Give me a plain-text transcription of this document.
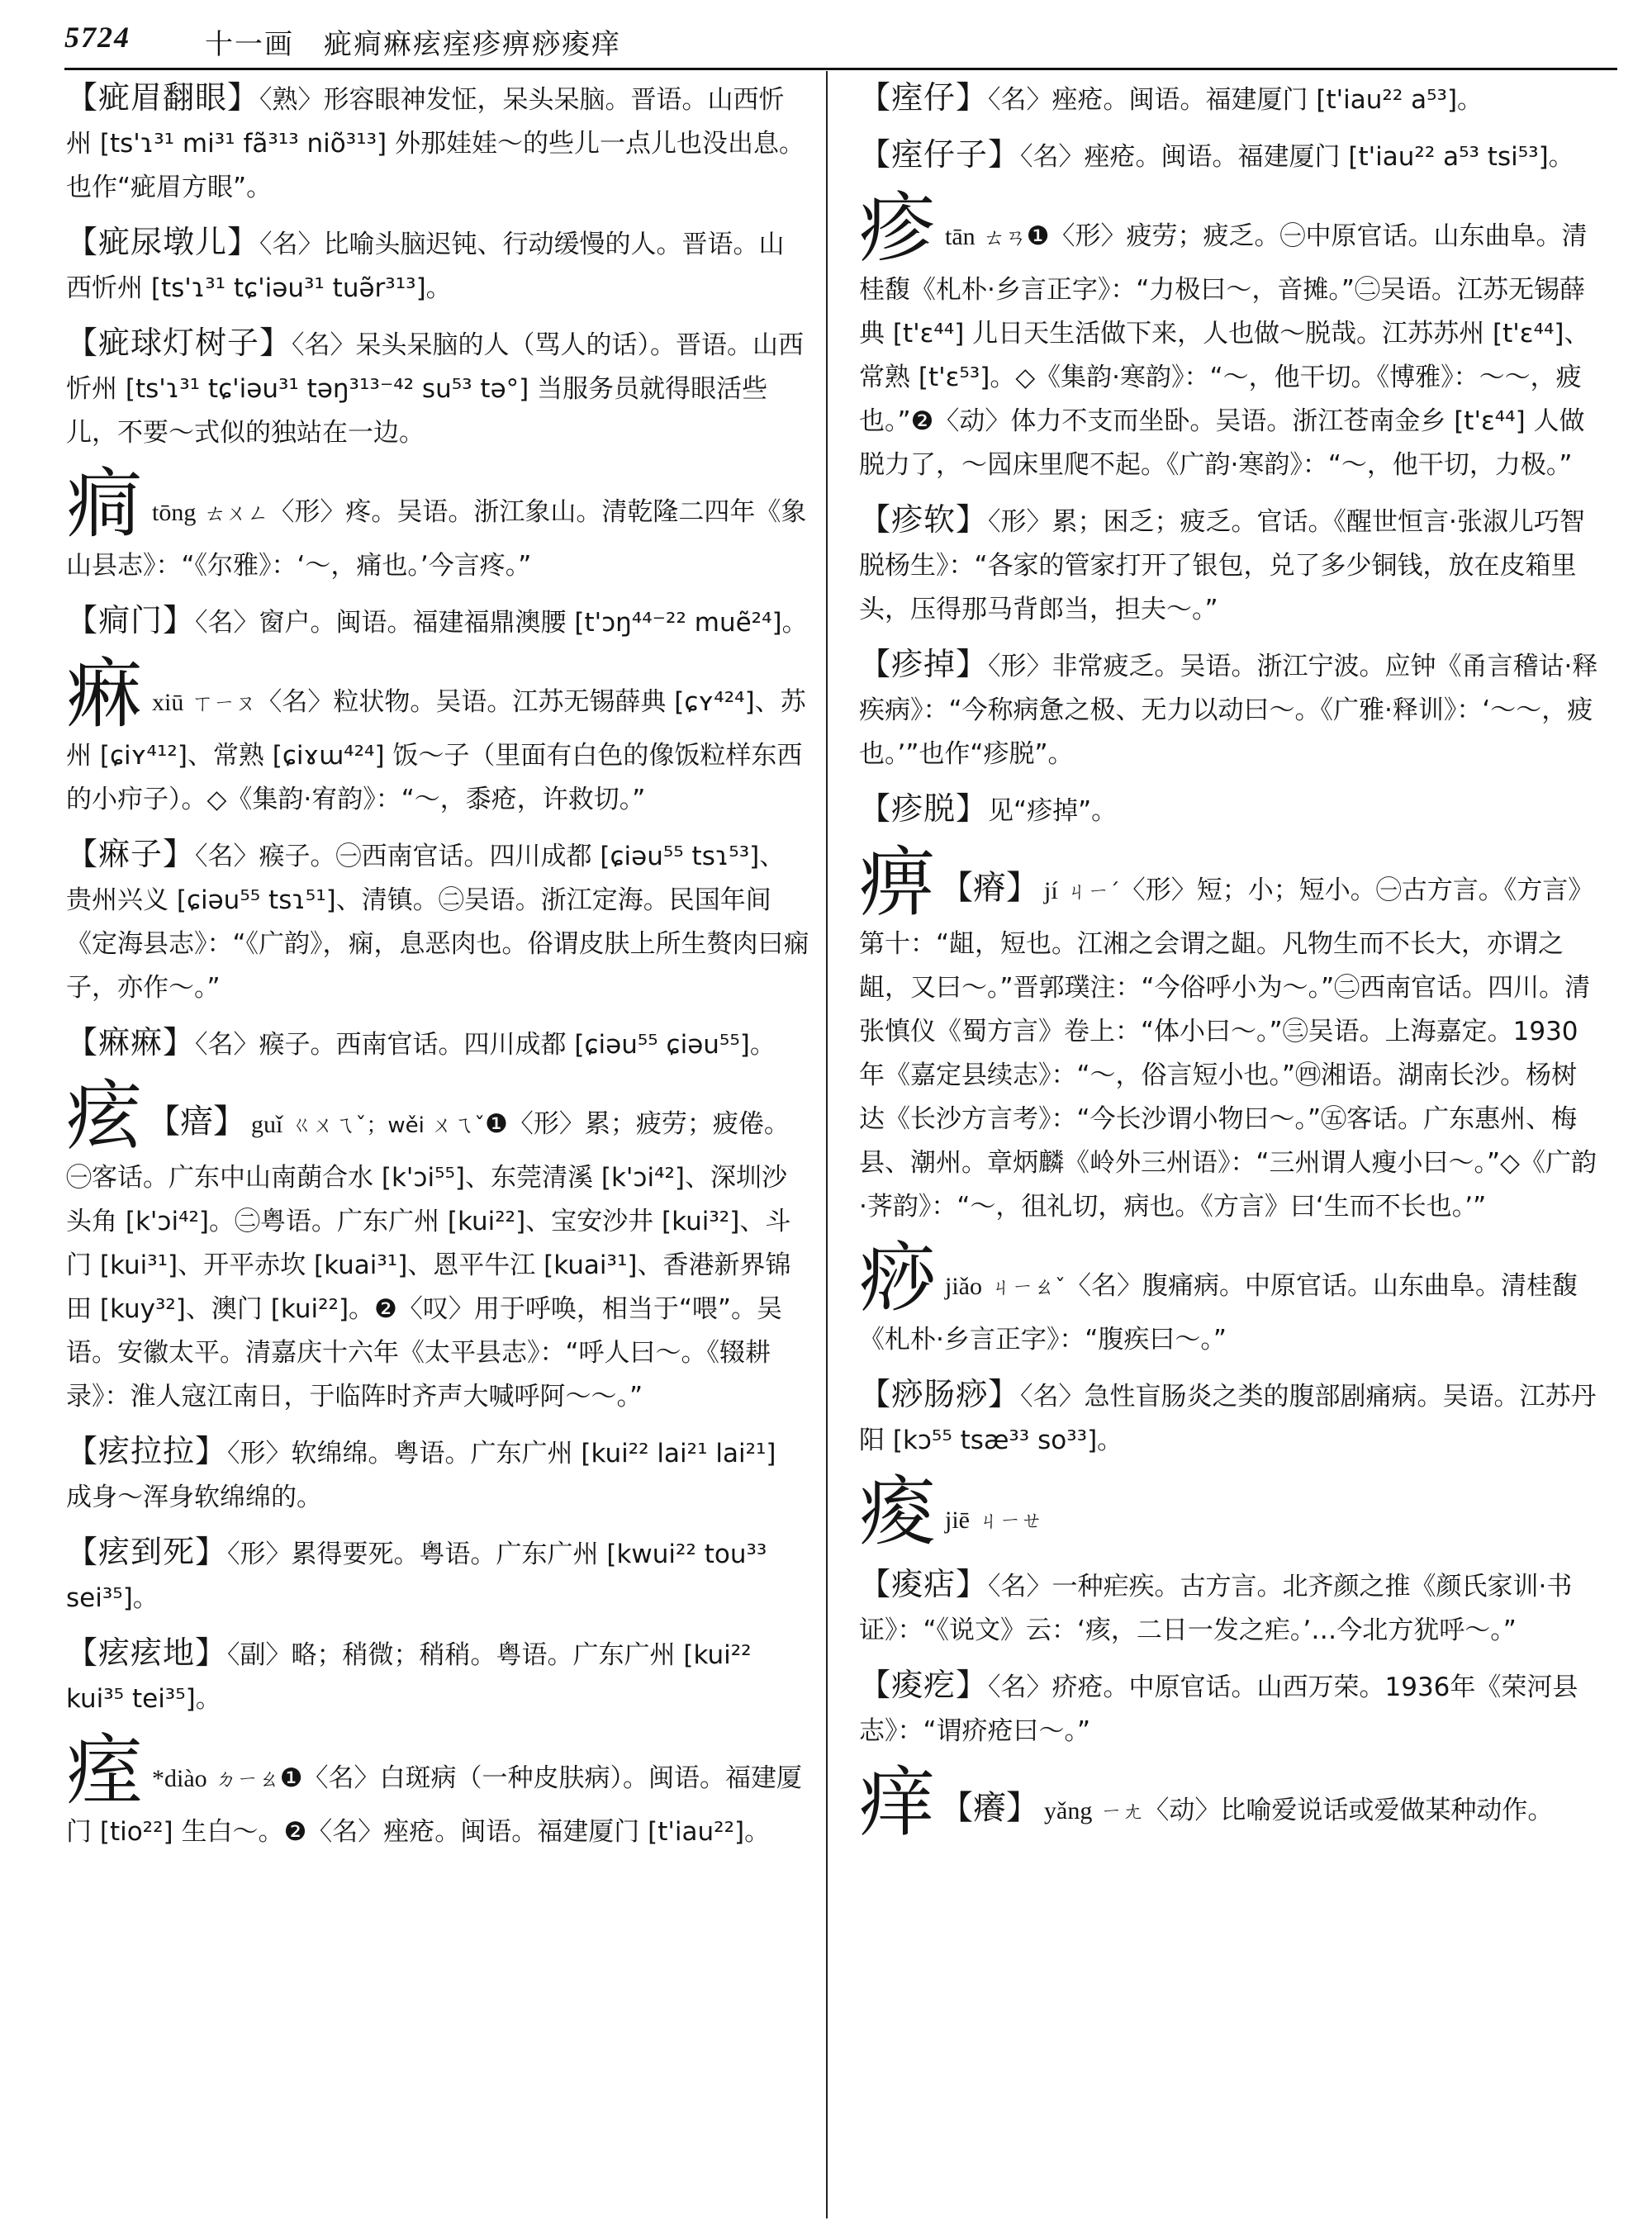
5724	十一画　疵痌痳痃痓疹痹痧痠痒
【疵眉翻眼】〈熟〉形容眼神发怔，呆头呆脑。晋语。山西忻州 [ts'ɿ³¹ mi³¹ fã³¹³ niõ³¹³] 外那娃娃～的些儿一点儿也没出息。也作“疵眉方眼”。
【疵尿墩儿】〈名〉比喻头脑迟钝、行动缓慢的人。晋语。山西忻州 [ts'ɿ³¹ tɕ'iəu³¹ tuə̃r³¹³]。
【疵球灯树子】〈名〉呆头呆脑的人（骂人的话）。晋语。山西忻州 [ts'ɿ³¹ tɕ'iəu³¹ təŋ³¹³⁻⁴² su⁵³ tə°] 当服务员就得眼活些儿，不要～式似的独站在一边。
痌tōng ㄊㄨㄥ〈形〉疼。吴语。浙江象山。清乾隆二四年《象山县志》：“《尔雅》：‘～，痛也。’今言疼。”
【痌门】〈名〉窗户。闽语。福建福鼎澳腰 [t'ɔŋ⁴⁴⁻²² muẽ²⁴]。
痳xiū ㄒㄧㄡ〈名〉粒状物。吴语。江苏无锡薛典 [ɕʏ⁴²⁴]、苏州 [ɕiʏ⁴¹²]、常熟 [ɕiɤɯ⁴²⁴] 饭～子（里面有白色的像饭粒样东西的小疖子）。◇《集韵·宥韵》：“～，黍疮，许救切。”
【痳子】〈名〉瘊子。㊀西南官话。四川成都 [ɕiəu⁵⁵ tsɿ⁵³]、贵州兴义 [ɕiəu⁵⁵ tsɿ⁵¹]、清镇。㊁吴语。浙江定海。民国年间《定海县志》：“《广韵》，痫，息恶肉也。俗谓皮肤上所生赘肉曰痫子，亦作～。”
【痳痳】〈名〉瘊子。西南官话。四川成都 [ɕiəu⁵⁵ ɕiəu⁵⁵]。
痃 【瘖】 guǐ ㄍㄨㄟˇ；wěi ㄨㄟˇ❶〈形〉累；疲劳；疲倦。㊀客话。广东中山南蓢合水 [k'ɔi⁵⁵]、东莞清溪 [k'ɔi⁴²]、深圳沙头角 [k'ɔi⁴²]。㊁粤语。广东广州 [kui²²]、宝安沙井 [kui³²]、斗门 [kui³¹]、开平赤坎 [kuai³¹]、恩平牛江 [kuai³¹]、香港新界锦田 [kuy³²]、澳门 [kui²²]。❷〈叹〉用于呼唤，相当于“喂”。吴语。安徽太平。清嘉庆十六年《太平县志》：“呼人曰～。《辍耕录》：淮人寇江南日，于临阵时齐声大喊呼阿～～。”
【痃拉拉】〈形〉软绵绵。粤语。广东广州 [kui²² lai²¹ lai²¹] 成身～浑身软绵绵的。
【痃到死】〈形〉累得要死。粤语。广东广州 [kwui²² tou³³ sei³⁵]。
【痃痃地】〈副〉略；稍微；稍稍。粤语。广东广州 [kui²² kui³⁵ tei³⁵]。
痓 *diào ㄉㄧㄠ❶〈名〉白斑病（一种皮肤病）。闽语。福建厦门 [tio²²] 生白～。❷〈名〉痤疮。闽语。福建厦门 [t'iau²²]。
【痓仔】〈名〉痤疮。闽语。福建厦门 [t'iau²² a⁵³]。
【痓仔子】〈名〉痤疮。闽语。福建厦门 [t'iau²² a⁵³ tsi⁵³]。
疹tān ㄊㄢ❶〈形〉疲劳；疲乏。㊀中原官话。山东曲阜。清桂馥《札朴·乡言正字》：“力极曰～，音摊。”㊁吴语。江苏无锡薛典 [t'ɛ⁴⁴] 儿日天生活做下来，人也做～脱哉。江苏苏州 [t'ɛ⁴⁴]、常熟 [t'ɛ⁵³]。◇《集韵·寒韵》：“～，他干切。《博雅》：～～，疲也。”❷〈动〉体力不支而坐卧。吴语。浙江苍南金乡 [t'ɛ⁴⁴] 人做脱力了，～囥床里爬不起。《广韵·寒韵》：“～，他干切，力极。”
【疹软】〈形〉累；困乏；疲乏。官话。《醒世恒言·张淑儿巧智脱杨生》：“各家的管家打开了银包，兑了多少铜钱，放在皮箱里头，压得那马背郎当，担夫～。”
【疹掉】〈形〉非常疲乏。吴语。浙江宁波。应钟《甬言稽诂·释疾病》：“今称病惫之极、无力以动曰～。《广雅·释训》：‘～～，疲也。’”也作“疹脱”。
【疹脱】见“疹掉”。
痹 【瘠】 jí ㄐㄧˊ〈形〉短；小；短小。㊀古方言。《方言》第十：“龃，短也。江湘之会谓之龃。凡物生而不长大，亦谓之龃，又曰～。”晋郭璞注：“今俗呼小为～。”㊁西南官话。四川。清张慎仪《蜀方言》卷上：“体小曰～。”㊂吴语。上海嘉定。1930年《嘉定县续志》：“～，俗言短小也。”㊃湘语。湖南长沙。杨树达《长沙方言考》：“今长沙谓小物曰～。”㊄客话。广东惠州、梅县、潮州。章炳麟《岭外三州语》：“三州谓人瘦小曰～。”◇《广韵·荠韵》：“～，徂礼切，病也。《方言》曰‘生而不长也。’”
痧jiǎo ㄐㄧㄠˇ〈名〉腹痛病。中原官话。山东曲阜。清桂馥《札朴·乡言正字》：“腹疾曰～。”
【痧肠痧】〈名〉急性盲肠炎之类的腹部剧痛病。吴语。江苏丹阳 [kɔ⁵⁵ tsæ³³ so³³]。
痠jiē ㄐㄧㄝ
【痠痁】〈名〉一种疟疾。古方言。北齐颜之推《颜氏家训·书证》：“《说文》云：‘痎，二日一发之疟。’…今北方犹呼～。”
【痠疙】〈名〉疥疮。中原官话。山西万荣。1936年《荣河县志》：“谓疥疮曰～。”
痒 【癢】 yǎng ㄧㄤ〈动〉比喻爱说话或爱做某种动作。
